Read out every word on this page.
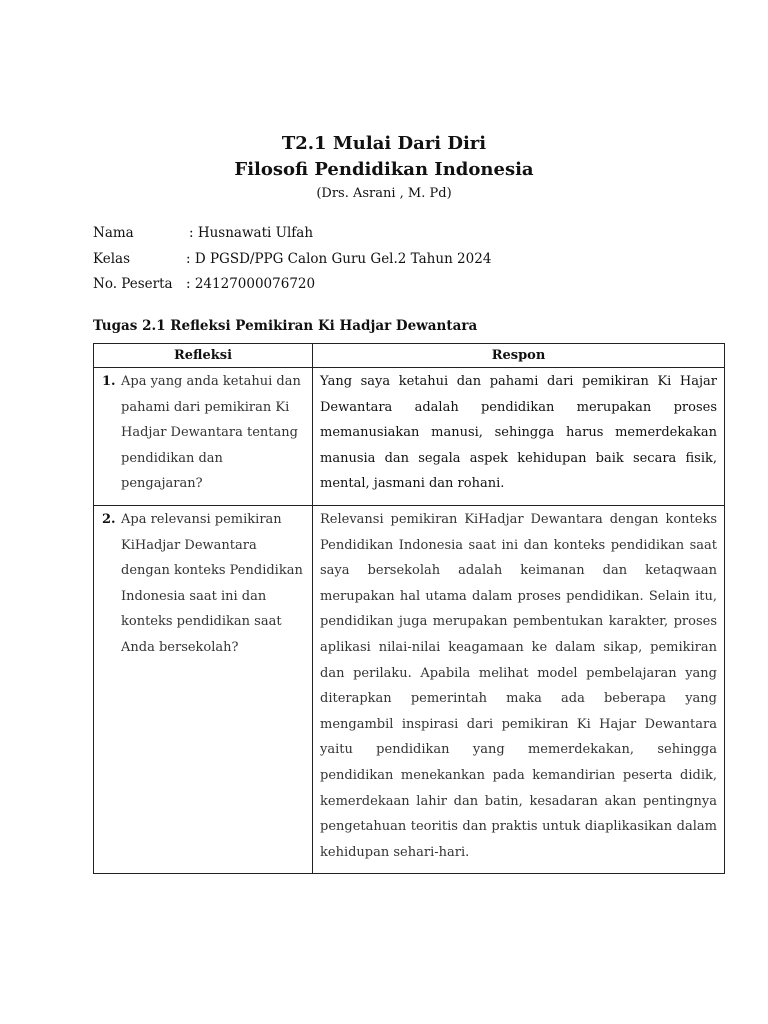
T2.1 Mulai Dari Diri
Filosofi Pendidikan Indonesia
(Drs. Asrani , M. Pd)
Nama	: Husnawati Ulfah
Kelas	: D PGSD/PPG Calon Guru Gel.2 Tahun 2024
No. Peserta : 24127000076720
Tugas 2.1 Refleksi Pemikiran Ki Hadjar Dewantara
Refleksi	Respon

1. Apa yang anda ketahui dan pahami dari pemikiran Ki Hadjar Dewantara tentang pendidikan dan pengajaran?	Yang saya ketahui dan pahami dari pemikiran Ki Hajar Dewantara adalah pendidikan merupakan proses memanusiakan manusi, sehingga harus memerdekakan manusia dan segala aspek kehidupan baik secara fisik, mental, jasmani dan rohani.

2. Apa relevansi pemikiran KiHadjar Dewantara dengan konteks Pendidikan Indonesia saat ini dan konteks pendidikan saat Anda bersekolah?	Relevansi pemikiran KiHadjar Dewantara dengan konteks Pendidikan Indonesia saat ini dan konteks pendidikan saat saya bersekolah adalah keimanan dan ketaqwaan merupakan hal utama dalam proses pendidikan. Selain itu, pendidikan juga merupakan pembentukan karakter, proses aplikasi nilai-nilai keagamaan ke dalam sikap, pemikiran dan perilaku. Apabila melihat model pembelajaran yang diterapkan pemerintah maka ada beberapa yang mengambil inspirasi dari pemikiran Ki Hajar Dewantara yaitu pendidikan yang memerdekakan, sehingga pendidikan menekankan pada kemandirian peserta didik, kemerdekaan lahir dan batin, kesadaran akan pentingnya pengetahuan teoritis dan praktis untuk diaplikasikan dalam kehidupan sehari-hari.
